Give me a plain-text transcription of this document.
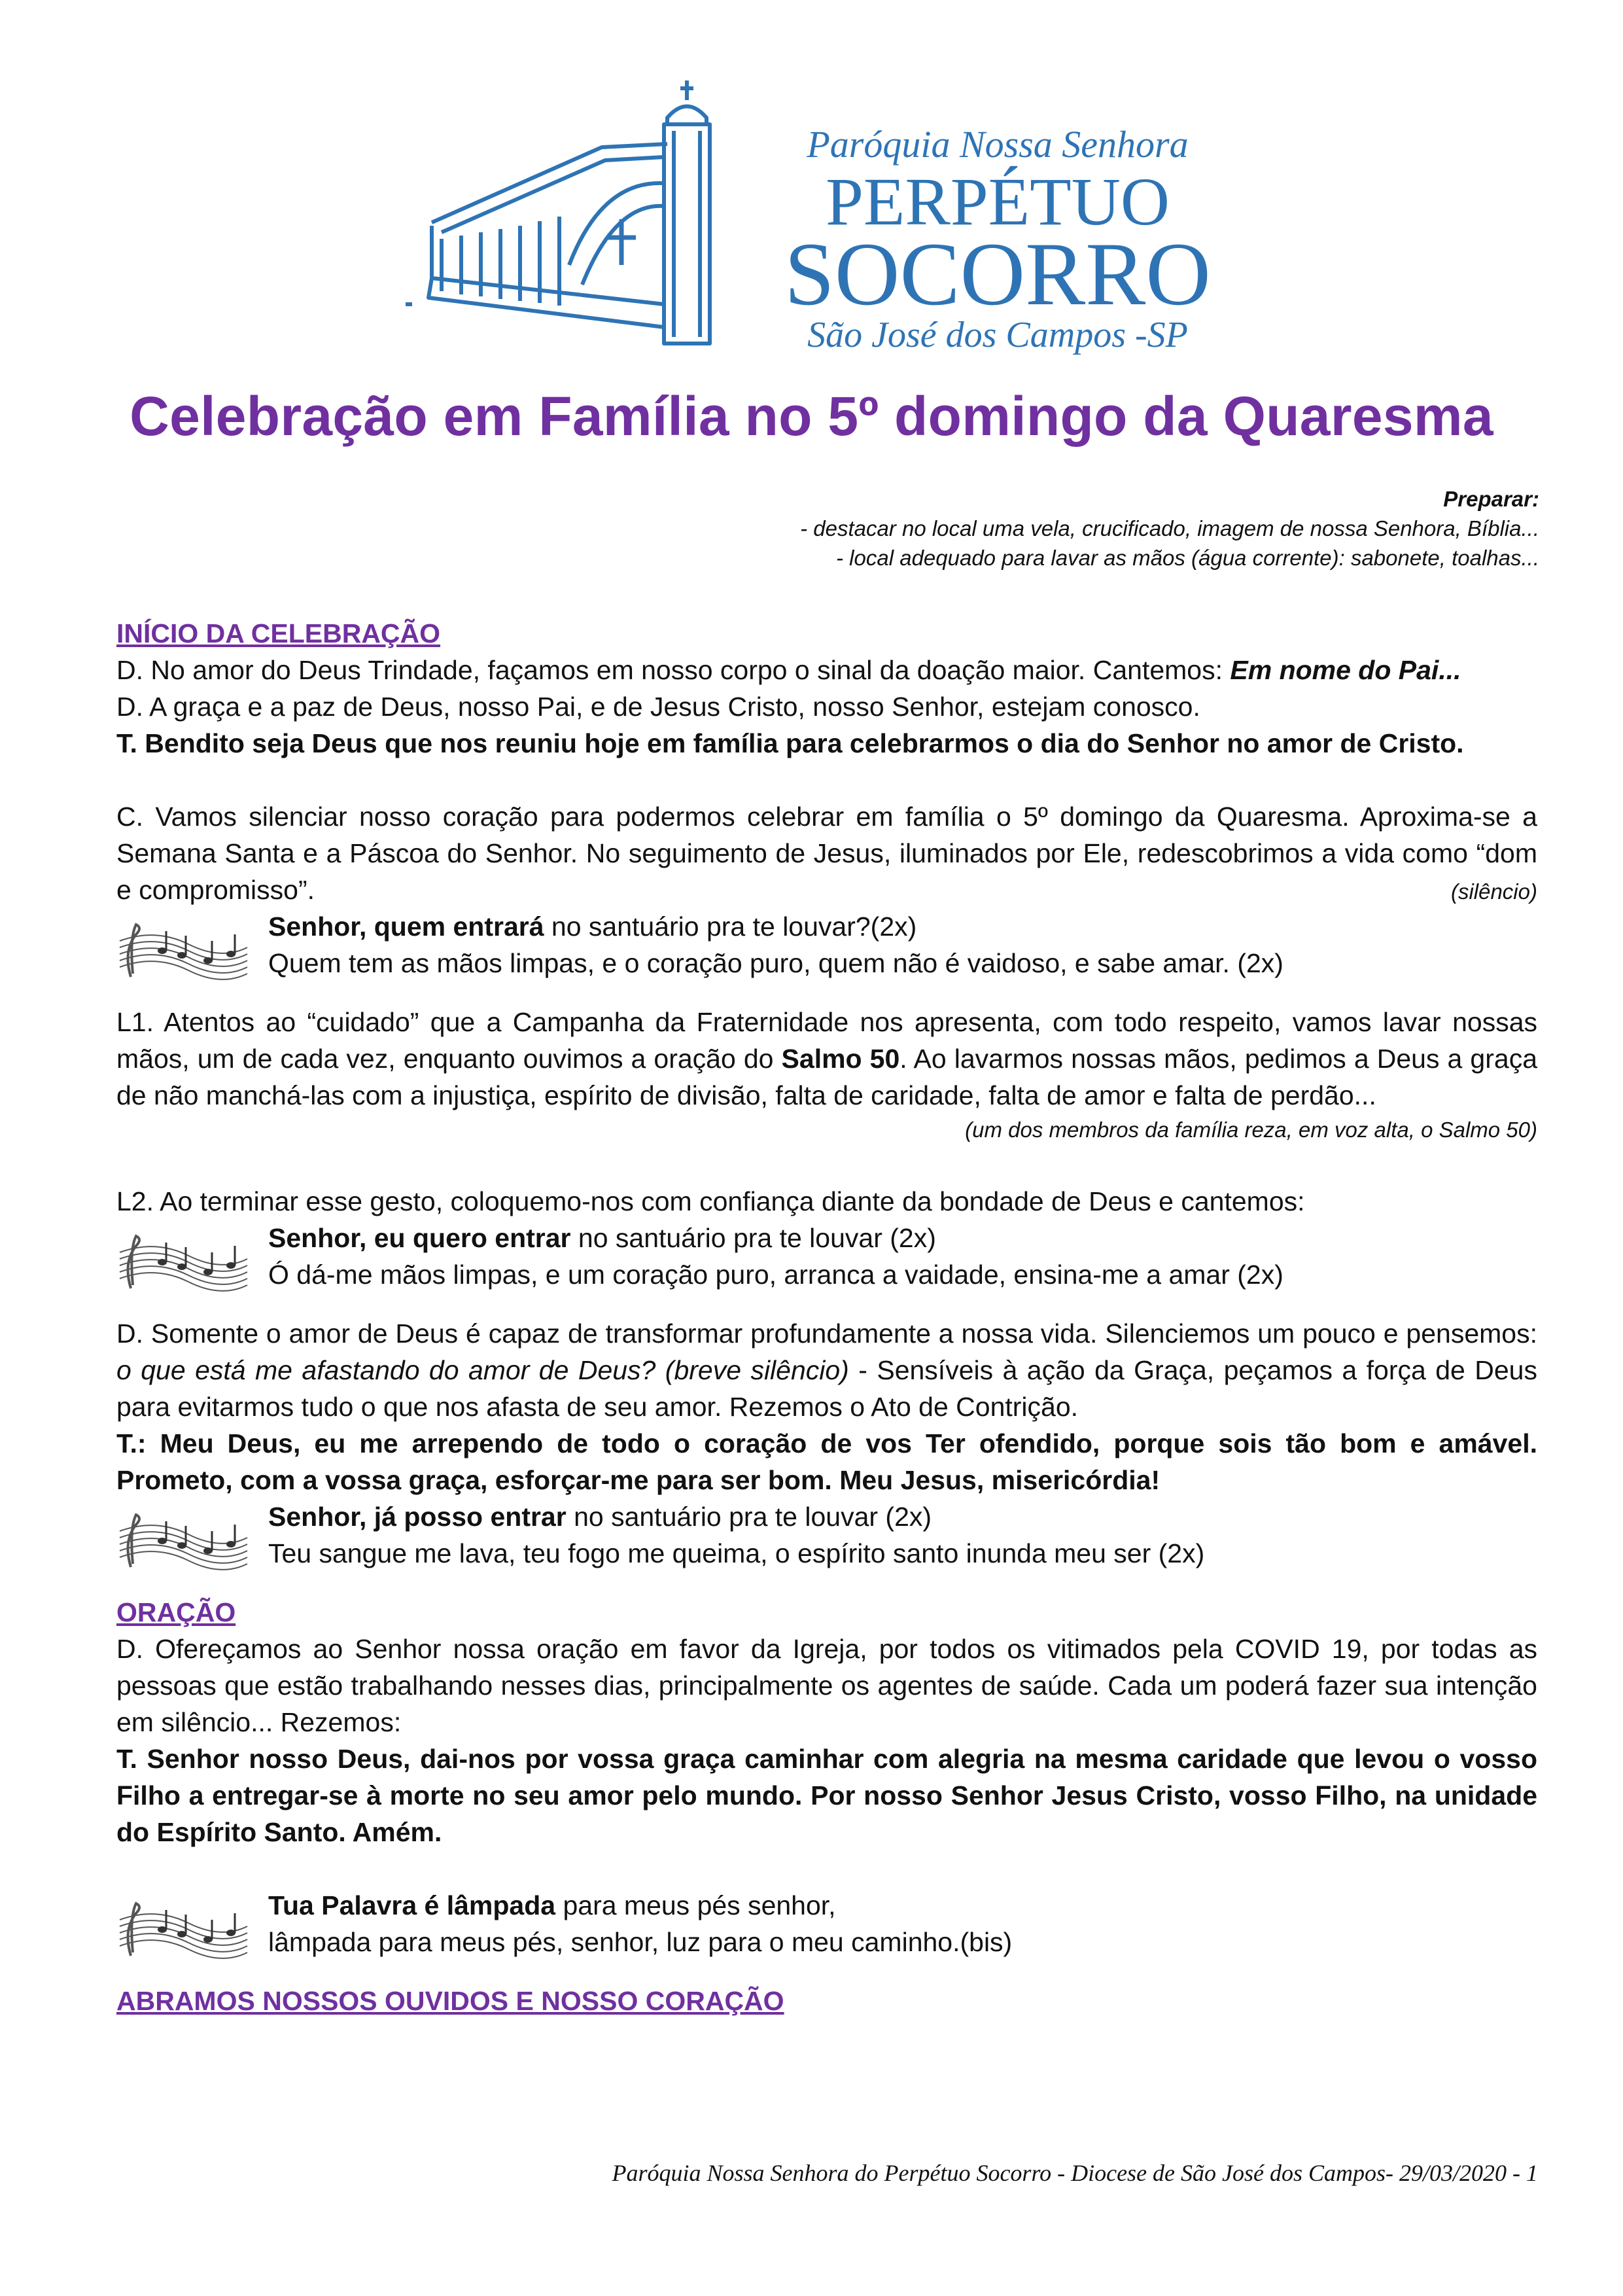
Paróquia Nossa Senhora
PERPÉTUO
SOCORRO
São José dos Campos -SP
Celebração em Família no 5º domingo da Quaresma
Preparar:
- destacar no local uma vela, crucificado, imagem de nossa Senhora, Bíblia...
- local adequado para lavar as mãos (água corrente): sabonete, toalhas...

INÍCIO DA CELEBRAÇÃO

D. No amor do Deus Trindade, façamos em nosso corpo o sinal da doação maior. Cantemos: Em nome do Pai...

D. A graça e a paz de Deus, nosso Pai, e de Jesus Cristo, nosso Senhor, estejam conosco.

T. Bendito seja Deus que nos reuniu hoje em família para celebrarmos o dia do Senhor no amor de Cristo.

C. Vamos silenciar nosso coração para podermos celebrar em família o 5º domingo da Quaresma. Aproxima-se a Semana Santa e a Páscoa do Senhor. No seguimento de Jesus, iluminados por Ele, redescobrimos a vida como “dom e compromisso”.	(silêncio)

Senhor, quem entrará no santuário pra te louvar?(2x)

Quem tem as mãos limpas, e o coração puro, quem não é vaidoso, e sabe amar. (2x)

L1. Atentos ao “cuidado” que a Campanha da Fraternidade nos apresenta, com todo respeito, vamos lavar nossas mãos, um de cada vez, enquanto ouvimos a oração do Salmo 50. Ao lavarmos nossas mãos, pedimos a Deus a graça de não manchá-las com a injustiça, espírito de divisão, falta de caridade, falta de amor e falta de perdão...

(um dos membros da família reza, em voz alta, o Salmo 50)

L2. Ao terminar esse gesto, coloquemo-nos com confiança diante da bondade de Deus e cantemos:

Senhor, eu quero entrar no santuário pra te louvar (2x)

Ó dá-me mãos limpas, e um coração puro, arranca a vaidade, ensina-me a amar (2x)

D. Somente o amor de Deus é capaz de transformar profundamente a nossa vida. Silenciemos um pouco e pensemos: o que está me afastando do amor de Deus? (breve silêncio) - Sensíveis à ação da Graça, peçamos a força de Deus para evitarmos tudo o que nos afasta de seu amor. Rezemos o Ato de Contrição.

T.: Meu Deus, eu me arrependo de todo o coração de vos Ter ofendido, porque sois tão bom e amável. Prometo, com a vossa graça, esforçar-me para ser bom. Meu Jesus, misericórdia!

Senhor, já posso entrar no santuário pra te louvar (2x)

Teu sangue me lava, teu fogo me queima, o espírito santo inunda meu ser (2x)

ORAÇÃO

D. Ofereçamos ao Senhor nossa oração em favor da Igreja, por todos os vitimados pela COVID 19, por todas as pessoas que estão trabalhando nesses dias, principalmente os agentes de saúde. Cada um poderá fazer sua intenção em silêncio... Rezemos:

T. Senhor nosso Deus, dai-nos por vossa graça caminhar com alegria na mesma caridade que levou o vosso Filho a entregar-se à morte no seu amor pelo mundo. Por nosso Senhor Jesus Cristo, vosso Filho, na unidade do Espírito Santo. Amém.

Tua Palavra é lâmpada para meus pés senhor,

lâmpada para meus pés, senhor, luz para o meu caminho.(bis)

ABRAMOS NOSSOS OUVIDOS E NOSSO CORAÇÃO

Paróquia Nossa Senhora do Perpétuo Socorro - Diocese de São José dos Campos- 29/03/2020 - 1
